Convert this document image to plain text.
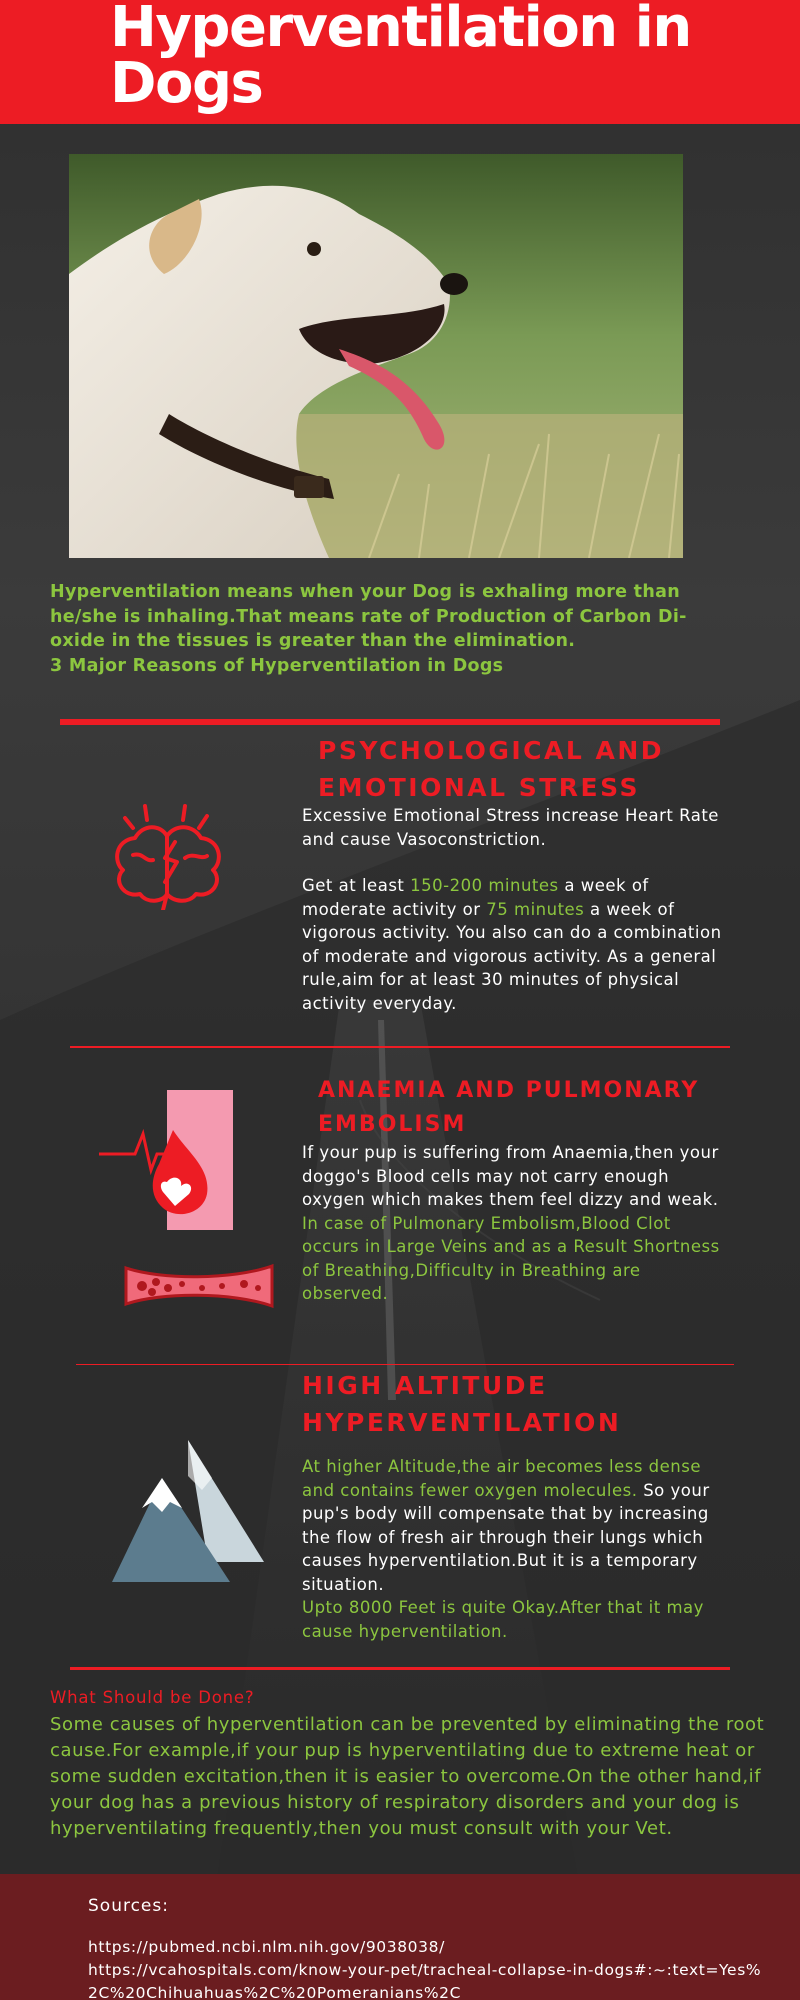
Hyperventilation in Dogs
Hyperventilation means when your Dog is exhaling more than he/she is inhaling.That means rate of Production of Carbon Di-oxide in the tissues is greater than the elimination.
3 Major Reasons of Hyperventilation in Dogs
PSYCHOLOGICAL AND EMOTIONAL STRESS

Excessive Emotional Stress increase Heart Rate and cause Vasoconstriction.

Get at least 150-200 minutes a week of moderate activity or 75 minutes a week of vigorous activity. You also can do a combination of moderate and vigorous activity. As a general rule,aim for at least 30 minutes of physical activity everyday.

ANAEMIA AND PULMONARY EMBOLISM

If your pup is suffering from Anaemia,then your doggo's Blood cells may not carry enough oxygen which makes them feel dizzy and weak.

In case of Pulmonary Embolism,Blood Clot occurs in Large Veins and as a Result Shortness of Breathing,Difficulty in Breathing are observed.

HIGH ALTITUDE HYPERVENTILATION

At higher Altitude,the air becomes less dense and contains fewer oxygen molecules. So your pup's body will compensate that by increasing the flow of fresh air through their lungs which causes hyperventilation.But it is a temporary situation.

Upto 8000 Feet is quite Okay.After that it may cause hyperventilation.

What Should be Done?
Some causes of hyperventilation can be prevented by eliminating the root cause.For example,if your pup is hyperventilating due to extreme heat or some sudden excitation,then it is easier to overcome.On the other hand,if your dog has a previous history of respiratory disorders and your dog is hyperventilating frequently,then you must consult with your Vet.
Sources:
https://pubmed.ncbi.nlm.nih.gov/9038038/
https://vcahospitals.com/know-your-pet/tracheal-collapse-in-dogs#:~:text=Yes%2C%20Chihuahuas%2C%20Pomeranians%2C
